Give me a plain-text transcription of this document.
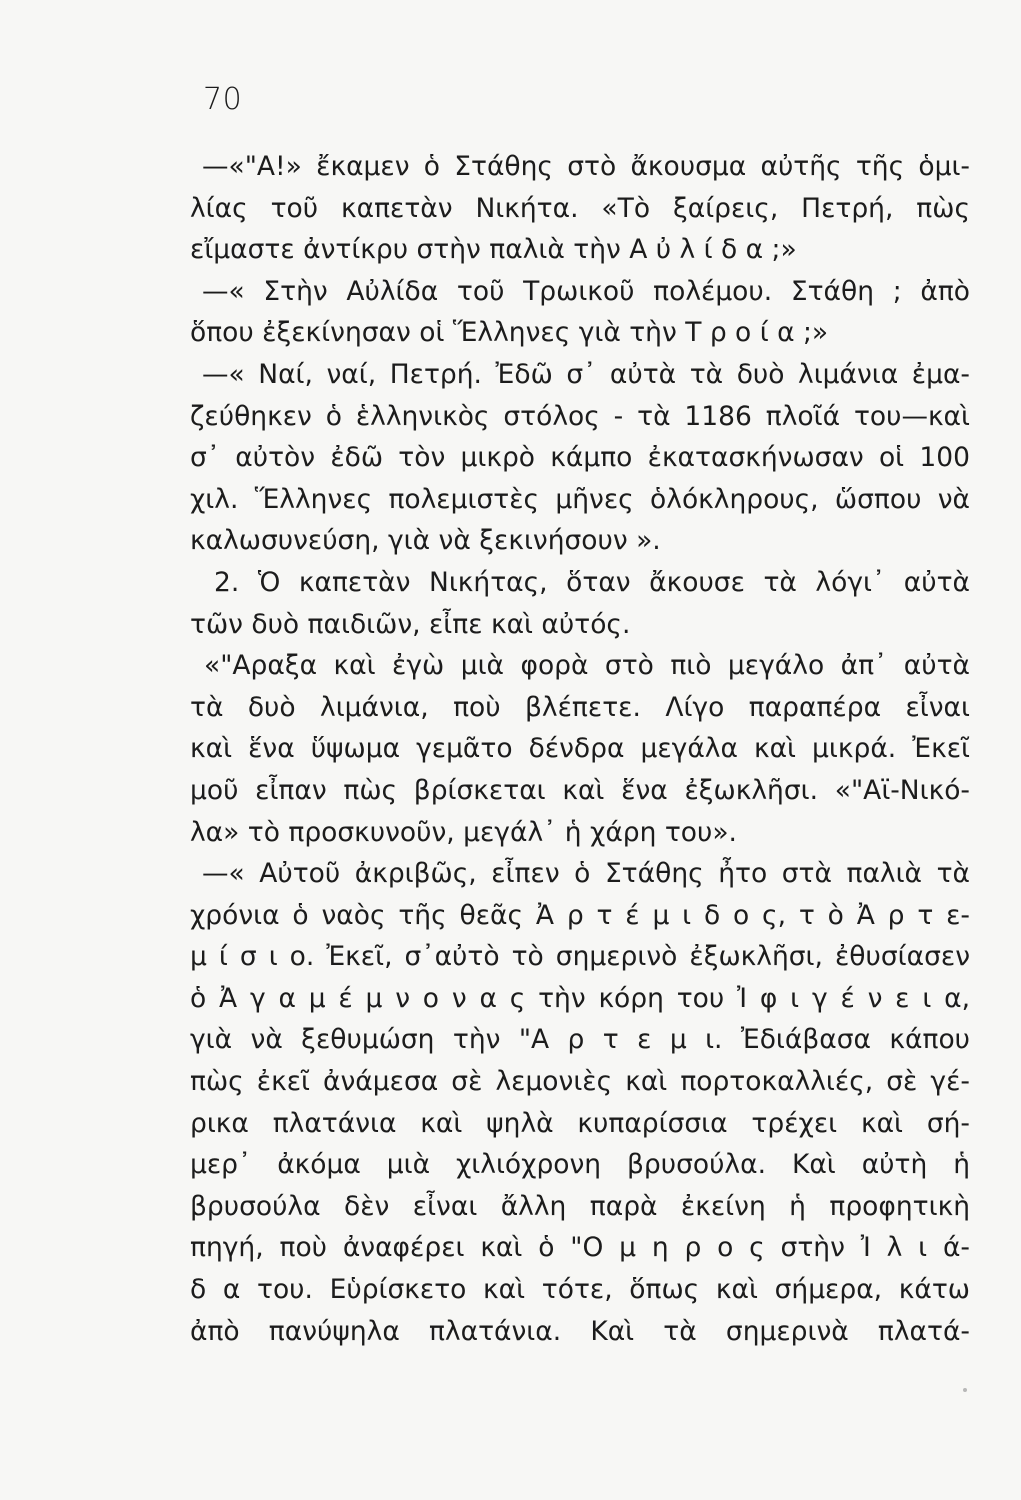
70
—«"Α!» ἔκαμεν ὁ Στάθης στὸ ἄκουσμα αὐτῆς τῆς ὁμι-
λίας τοῦ καπετὰν Νικήτα. «Τὸ ξαίρεις, Πετρή, πὼς
εἴμαστε ἀντίκρυ στὴν παλιὰ τὴν Α ὐ λ ί δ α ;»
—« Στὴν Αὐλίδα τοῦ Τρωικοῦ πολέμου. Στάθη ; ἀπὸ
ὅπου ἐξεκίνησαν οἱ Ἕλληνες γιὰ τὴν Τ ρ ο ί α ;»
—« Ναί, ναί, Πετρή. Ἐδῶ σ᾽ αὐτὰ τὰ δυὸ λιμάνια ἐμα-
ζεύθηκεν ὁ ἑλληνικὸς στόλος - τὰ 1186 πλοῖά του—καὶ
σ᾽ αὐτὸν ἐδῶ τὸν μικρὸ κάμπο ἐκατασκήνωσαν οἱ 100
χιλ. Ἕλληνες πολεμιστὲς μῆνες ὁλόκληρους, ὥσπου νὰ
καλωσυνεύση, γιὰ νὰ ξεκινήσουν ».
2. Ὁ καπετὰν Νικήτας, ὅταν ἄκουσε τὰ λόγι᾽ αὐτὰ
τῶν δυὸ παιδιῶν, εἶπε καὶ αὐτός.
«"Αραξα καὶ ἐγὼ μιὰ φορὰ στὸ πιὸ μεγάλο ἀπ᾽ αὐτὰ
τὰ δυὸ λιμάνια, ποὺ βλέπετε. Λίγο παραπέρα εἶναι
καὶ ἕνα ὕψωμα γεμᾶτο δένδρα μεγάλα καὶ μικρά. Ἐκεῖ
μοῦ εἶπαν πὼς βρίσκεται καὶ ἕνα ἐξωκλῆσι. «"Αϊ-Νικό-
λα» τὸ προσκυνοῦν, μεγάλ᾽ ἡ χάρη του».
—« Αὐτοῦ ἀκριβῶς, εἶπεν ὁ Στάθης ἦτο στὰ παλιὰ τὰ
χρόνια ὁ ναὸς τῆς θεᾶς Ἀ ρ τ έ μ ι δ ο ς, τ ὸ Ἀ ρ τ ε-
μ ί σ ι ο. Ἐκεῖ, σ᾽αὐτὸ τὸ σημερινὸ ἐξωκλῆσι, ἐθυσίασεν
ὁ Ἀ γ α μ έ μ ν ο ν α ς τὴν κόρη του Ἰ φ ι γ έ ν ε ι α,
γιὰ νὰ ξεθυμώση τὴν "Α ρ τ ε μ ι. Ἐδιάβασα κάπου
πὼς ἐκεῖ ἀνάμεσα σὲ λεμονιὲς καὶ πορτοκαλλιές, σὲ γέ-
ρικα πλατάνια καὶ ψηλὰ κυπαρίσσια τρέχει καὶ σή-
μερ᾽ ἀκόμα μιὰ χιλιόχρονη βρυσούλα. Καὶ αὐτὴ ἡ
βρυσούλα δὲν εἶναι ἄλλη παρὰ ἐκείνη ἡ προφητικὴ
πηγή, ποὺ ἀναφέρει καὶ ὁ "Ο μ η ρ ο ς στὴν Ἰ λ ι ά-
δ α του. Εὑρίσκετο καὶ τότε, ὅπως καὶ σήμερα, κάτω
ἀπὸ πανύψηλα πλατάνια. Καὶ τὰ σημερινὰ πλατά-
